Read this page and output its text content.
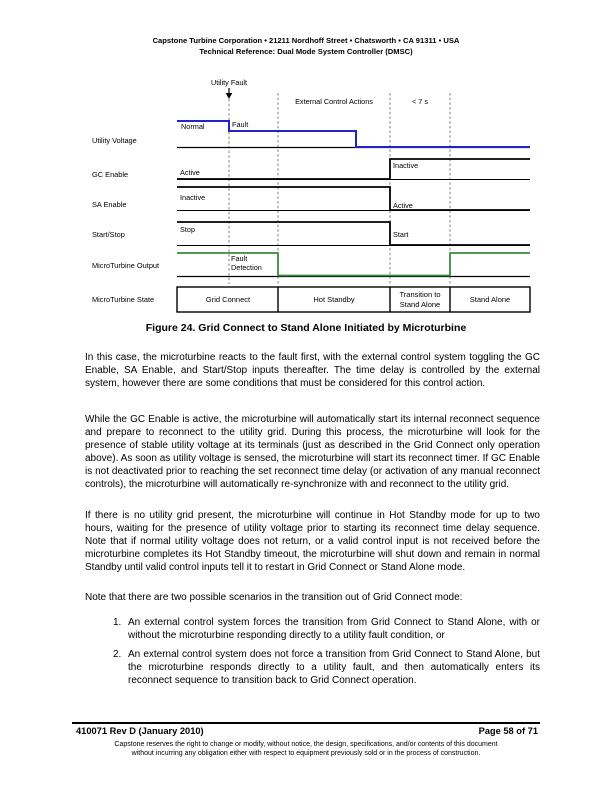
Capstone Turbine Corporation • 21211 Nordhoff Street • Chatsworth • CA 91311 • USA
Technical Reference: Dual Mode System Controller (DMSC)
Utility Fault
External Control Actions	< 7 s
Utility Voltage
GC Enable
SA Enable
Start/Stop
MicroTurbine Output
MicroTurbine State
Normal	Fault
Active
Inactive
Inactive
Active
Stop
Start
Fault
Detection
Grid Connect	Hot Standby
Transition to Stand Alone
Stand Alone
Figure 24. Grid Connect to Stand Alone Initiated by Microturbine
In this case, the microturbine reacts to the fault first, with the external control system toggling the GC Enable, SA Enable, and Start/Stop inputs thereafter. The time delay is controlled by the external system, however there are some conditions that must be considered for this control action.
While the GC Enable is active, the microturbine will automatically start its internal reconnect sequence and prepare to reconnect to the utility grid. During this process, the microturbine will look for the presence of stable utility voltage at its terminals (just as described in the Grid Connect only operation above). As soon as utility voltage is sensed, the microturbine will start its reconnect timer. If GC Enable is not deactivated prior to reaching the set reconnect time delay (or activation of any manual reconnect controls), the microturbine will automatically re-synchronize with and reconnect to the utility grid.
If there is no utility grid present, the microturbine will continue in Hot Standby mode for up to two hours, waiting for the presence of utility voltage prior to starting its reconnect time delay sequence. Note that if normal utility voltage does not return, or a valid control input is not received before the microturbine completes its Hot Standby timeout, the microturbine will shut down and remain in normal Standby until valid control inputs tell it to restart in Grid Connect or Stand Alone mode.
Note that there are two possible scenarios in the transition out of Grid Connect mode:
1. An external control system forces the transition from Grid Connect to Stand Alone, with or without the microturbine responding directly to a utility fault condition, or
2. An external control system does not force a transition from Grid Connect to Stand Alone, but the microturbine responds directly to a utility fault, and then automatically enters its reconnect sequence to transition back to Grid Connect operation.
410071 Rev D (January 2010)	Page 58 of 71
Capstone reserves the right to change or modify, without notice, the design, specifications, and/or contents of this document
without incurring any obligation either with respect to equipment previously sold or in the process of construction.
